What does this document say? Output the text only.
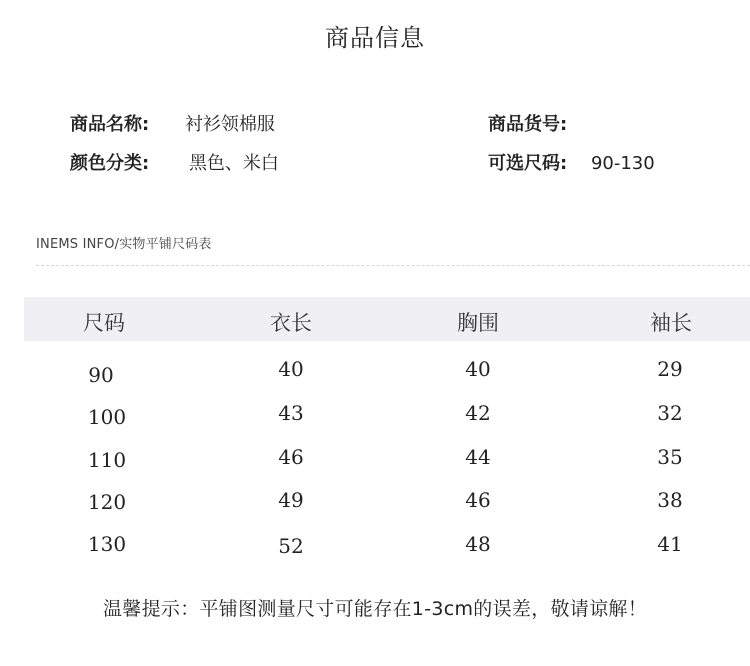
商品信息
商品名称: 衬衫领棉服	商品货号:
颜色分类: 黑色、米白	可选尺码: 90-130
INEMS INFO/实物平铺尺码表
尺码	衣长	胸围	袖长
90	40	40	29
100	43	42	32
110	46	44	35
120	49	46	38
130	52	48	41
温馨提示：平铺图测量尺寸可能存在1-3cm的误差，敬请谅解！
